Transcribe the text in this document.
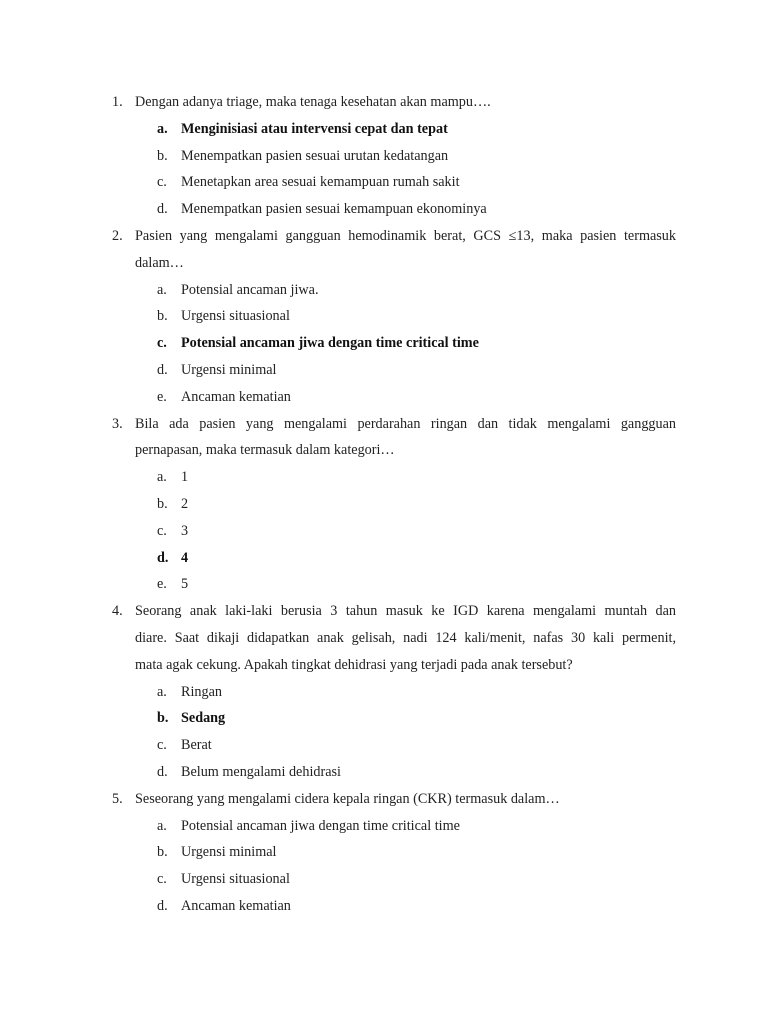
1. Dengan adanya triage, maka tenaga kesehatan akan mampu….
a. Menginisiasi atau intervensi cepat dan tepat
b. Menempatkan pasien sesuai urutan kedatangan
c. Menetapkan area sesuai kemampuan rumah sakit
d. Menempatkan pasien sesuai kemampuan ekonominya
2. Pasien yang mengalami gangguan hemodinamik berat, GCS ≤13, maka pasien termasuk
dalam…
a. Potensial ancaman jiwa.
b. Urgensi situasional
c. Potensial ancaman jiwa dengan time critical time
d. Urgensi minimal
e. Ancaman kematian
3. Bila ada pasien yang mengalami perdarahan ringan dan tidak mengalami gangguan
pernapasan, maka termasuk dalam kategori…
a. 1
b. 2
c. 3
d. 4
e. 5
4. Seorang anak laki-laki berusia 3 tahun masuk ke IGD karena mengalami muntah dan
diare. Saat dikaji didapatkan anak gelisah, nadi 124 kali/menit, nafas 30 kali permenit,
mata agak cekung. Apakah tingkat dehidrasi yang terjadi pada anak tersebut?
a. Ringan
b. Sedang
c. Berat
d. Belum mengalami dehidrasi
5. Seseorang yang mengalami cidera kepala ringan (CKR) termasuk dalam…
a. Potensial ancaman jiwa dengan time critical time
b. Urgensi minimal
c. Urgensi situasional
d. Ancaman kematian
